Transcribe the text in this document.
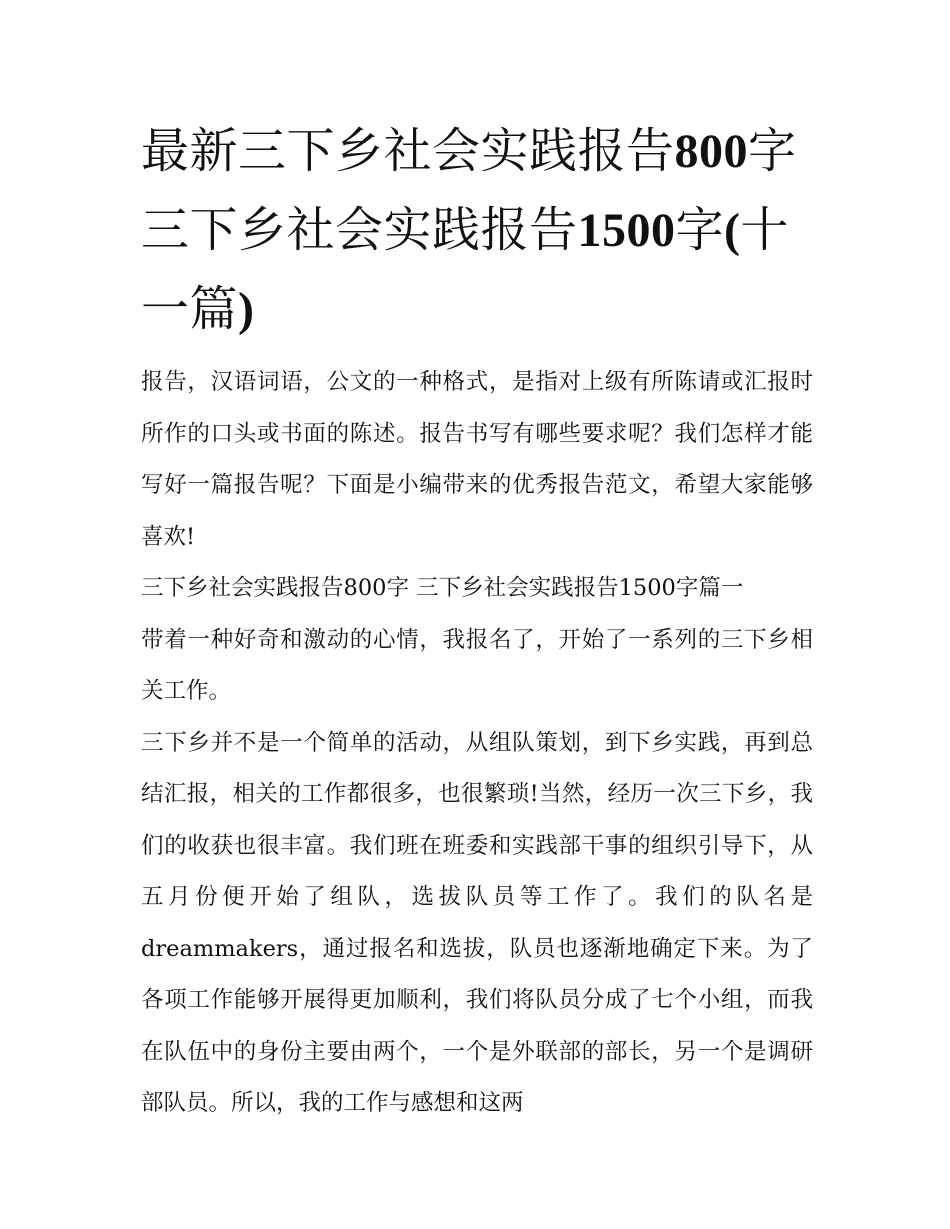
最新三下乡社会实践报告800字 三下乡社会实践报告1500字(十一篇)

报告，汉语词语，公文的一种格式，是指对上级有所陈请或汇报时所作的口头或书面的陈述。报告书写有哪些要求呢？我们怎样才能写好一篇报告呢？下面是小编带来的优秀报告范文，希望大家能够喜欢!

三下乡社会实践报告800字 三下乡社会实践报告1500字篇一

带着一种好奇和激动的心情，我报名了，开始了一系列的三下乡相关工作。

三下乡并不是一个简单的活动，从组队策划，到下乡实践，再到总结汇报，相关的工作都很多，也很繁琐!当然，经历一次三下乡，我们的收获也很丰富。我们班在班委和实践部干事的组织引导下，从五月份便开始了组队，选拔队员等工作了。我们的队名是dreammakers，通过报名和选拔，队员也逐渐地确定下来。为了各项工作能够开展得更加顺利，我们将队员分成了七个小组，而我在队伍中的身份主要由两个，一个是外联部的部长，另一个是调研部队员。所以，我的工作与感想和这两
